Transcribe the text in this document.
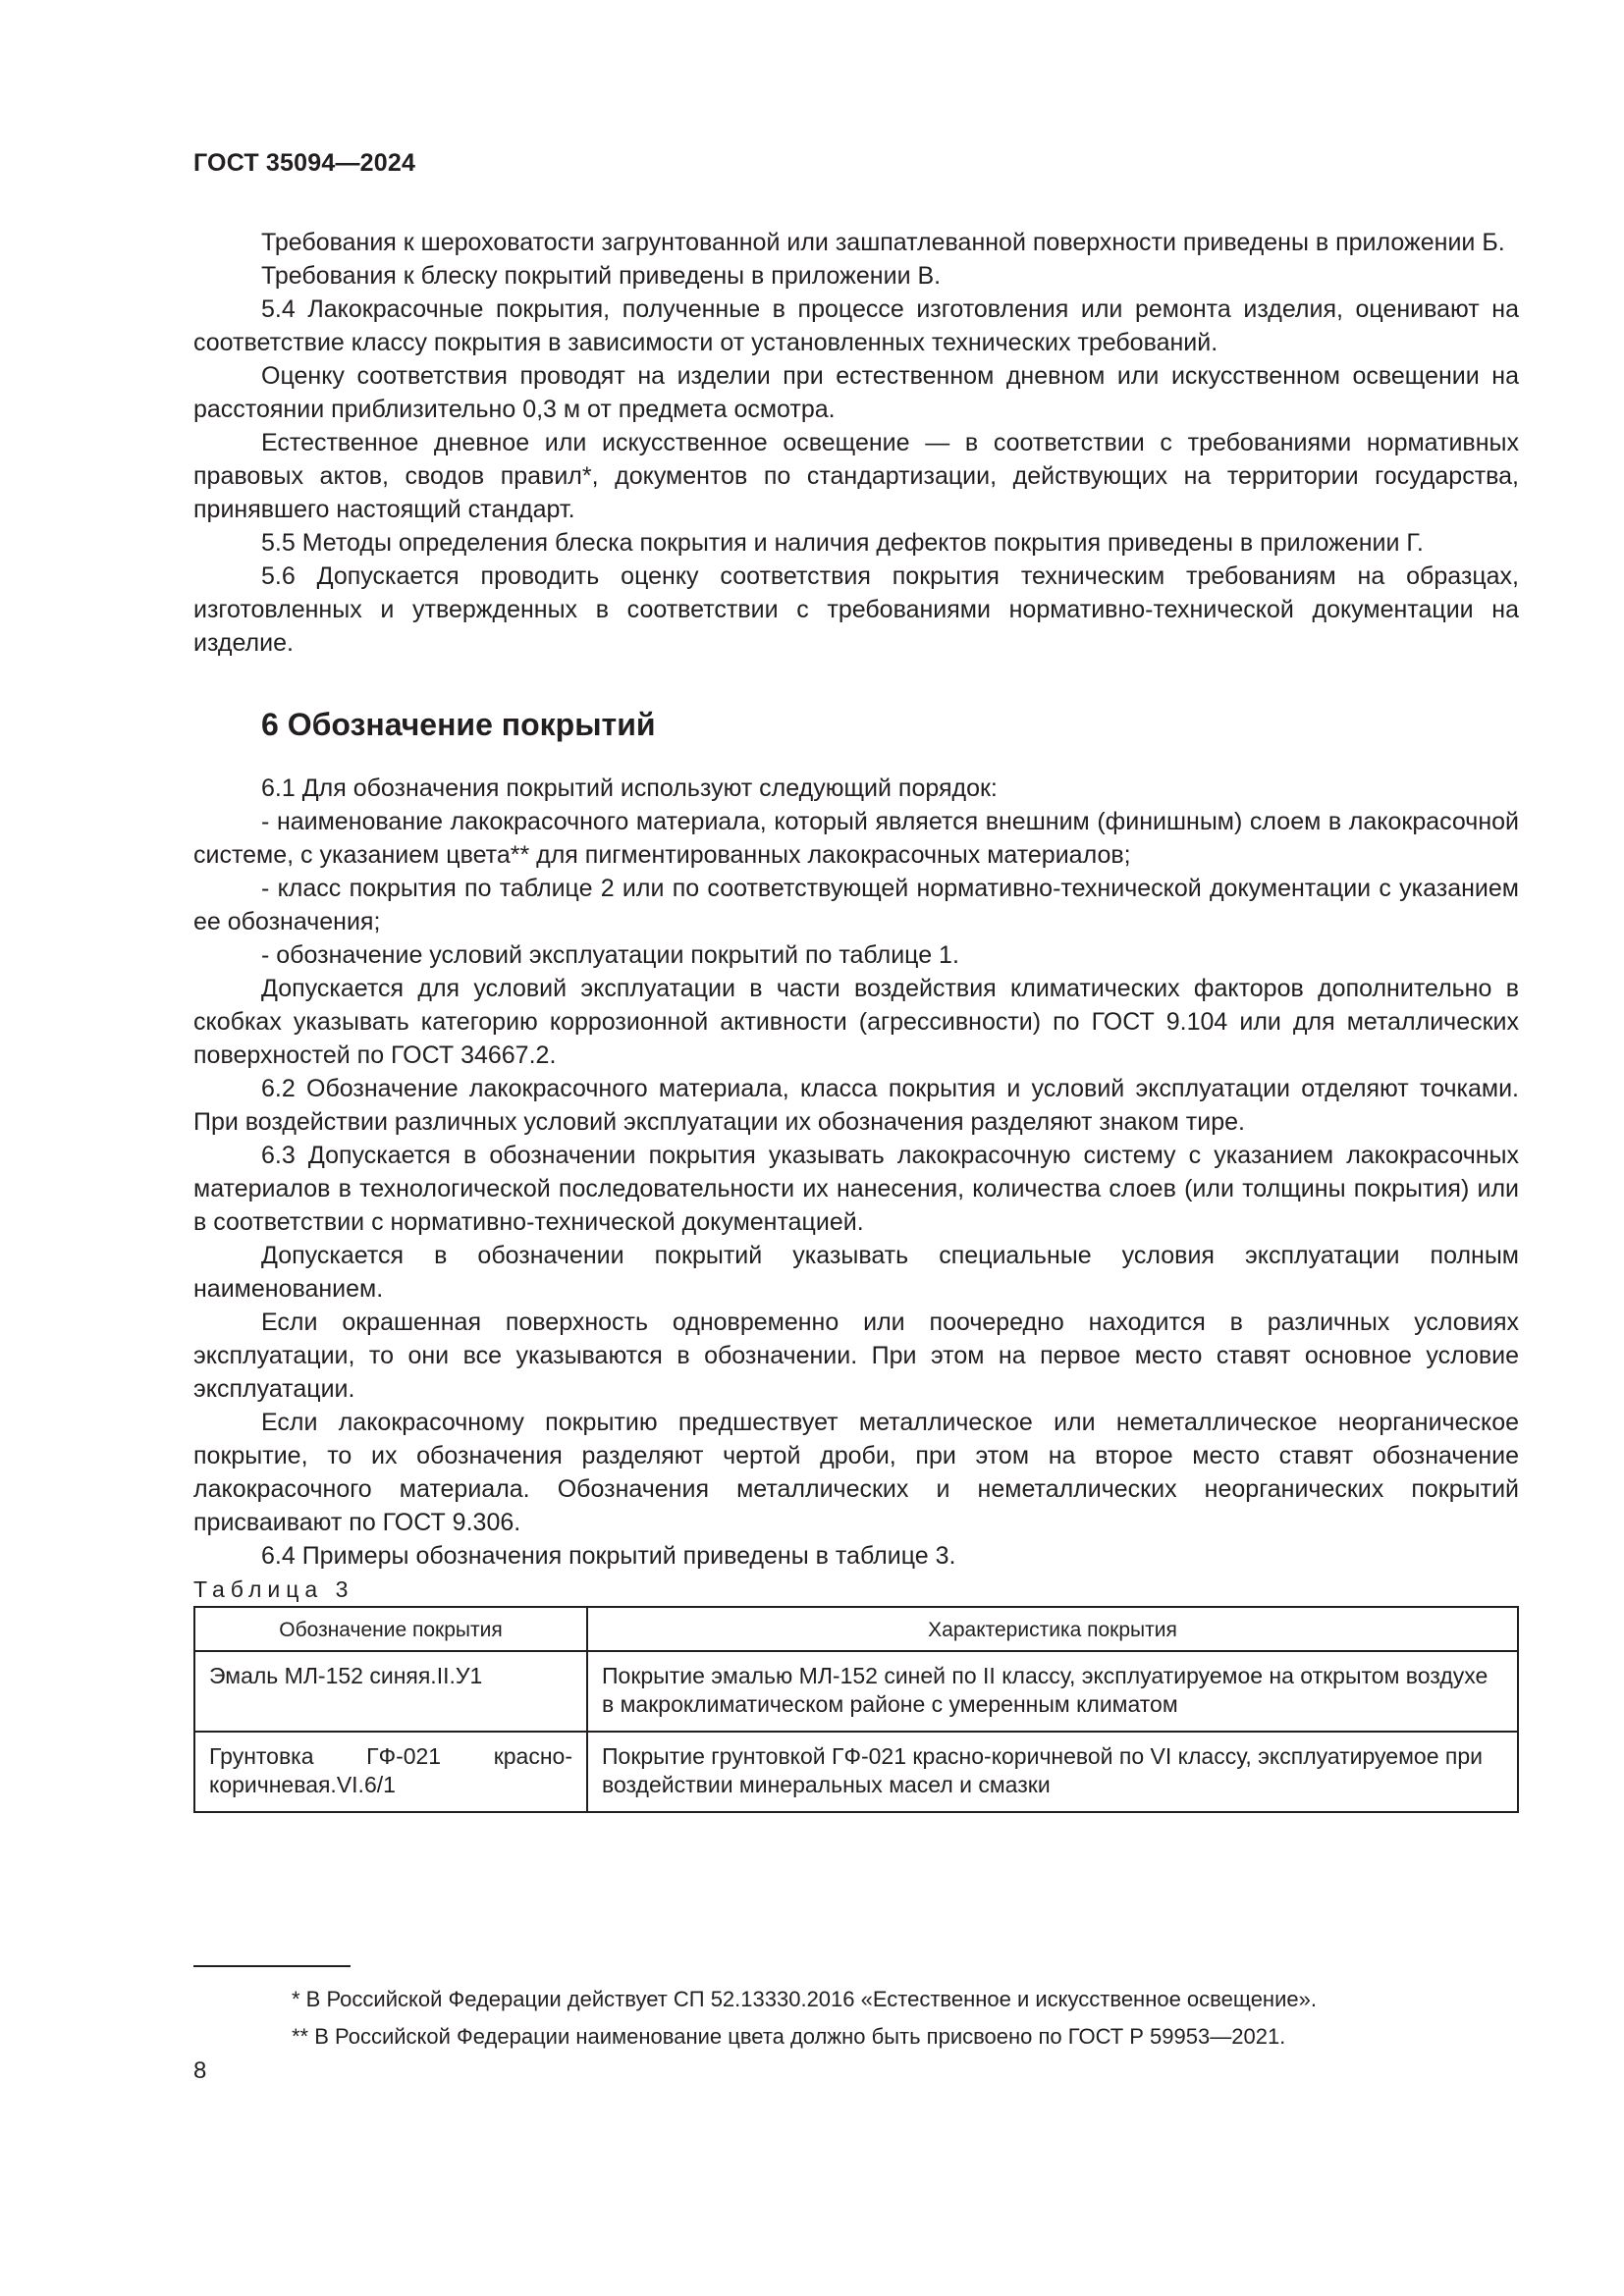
ГОСТ 35094—2024

Требования к шероховатости загрунтованной или зашпатлеванной поверхности приведены в приложении Б.

Требования к блеску покрытий приведены в приложении В.

5.4 Лакокрасочные покрытия, полученные в процессе изготовления или ремонта изделия, оценивают на соответствие классу покрытия в зависимости от установленных технических требований.

Оценку соответствия проводят на изделии при естественном дневном или искусственном освещении на расстоянии приблизительно 0,3 м от предмета осмотра.

Естественное дневное или искусственное освещение — в соответствии с требованиями нормативных правовых актов, сводов правил*, документов по стандартизации, действующих на территории государства, принявшего настоящий стандарт.

5.5 Методы определения блеска покрытия и наличия дефектов покрытия приведены в приложении Г.

5.6 Допускается проводить оценку соответствия покрытия техническим требованиям на образцах, изготовленных и утвержденных в соответствии с требованиями нормативно-технической документации на изделие.

6 Обозначение покрытий

6.1 Для обозначения покрытий используют следующий порядок:

- наименование лакокрасочного материала, который является внешним (финишным) слоем в лакокрасочной системе, с указанием цвета** для пигментированных лакокрасочных материалов;

- класс покрытия по таблице 2 или по соответствующей нормативно-технической документации с указанием ее обозначения;

- обозначение условий эксплуатации покрытий по таблице 1.

Допускается для условий эксплуатации в части воздействия климатических факторов дополнительно в скобках указывать категорию коррозионной активности (агрессивности) по ГОСТ 9.104 или для металлических поверхностей по ГОСТ 34667.2.

6.2 Обозначение лакокрасочного материала, класса покрытия и условий эксплуатации отделяют точками. При воздействии различных условий эксплуатации их обозначения разделяют знаком тире.

6.3 Допускается в обозначении покрытия указывать лакокрасочную систему с указанием лакокрасочных материалов в технологической последовательности их нанесения, количества слоев (или толщины покрытия) или в соответствии с нормативно-технической документацией.

Допускается в обозначении покрытий указывать специальные условия эксплуатации полным наименованием.

Если окрашенная поверхность одновременно или поочередно находится в различных условиях эксплуатации, то они все указываются в обозначении. При этом на первое место ставят основное условие эксплуатации.

Если лакокрасочному покрытию предшествует металлическое или неметаллическое неорганическое покрытие, то их обозначения разделяют чертой дроби, при этом на второе место ставят обозначение лакокрасочного материала. Обозначения металлических и неметаллических неорганических покрытий присваивают по ГОСТ 9.306.

6.4 Примеры обозначения покрытий приведены в таблице 3.

Таблица 3

Обозначение покрытия	Характеристика покрытия
Эмаль МЛ-152 синяя.II.У1	Покрытие эмалью МЛ-152 синей по II классу, эксплуатируемое на открытом воздухе в макроклиматическом районе с умеренным климатом
Грунтовка ГФ-021 красно-коричневая.VI.6/1	Покрытие грунтовкой ГФ-021 красно-коричневой по VI классу, эксплуатируемое при воздействии минеральных масел и смазки
* В Российской Федерации действует СП 52.13330.2016 «Естественное и искусственное освещение».
** В Российской Федерации наименование цвета должно быть присвоено по ГОСТ Р 59953—2021.
8
